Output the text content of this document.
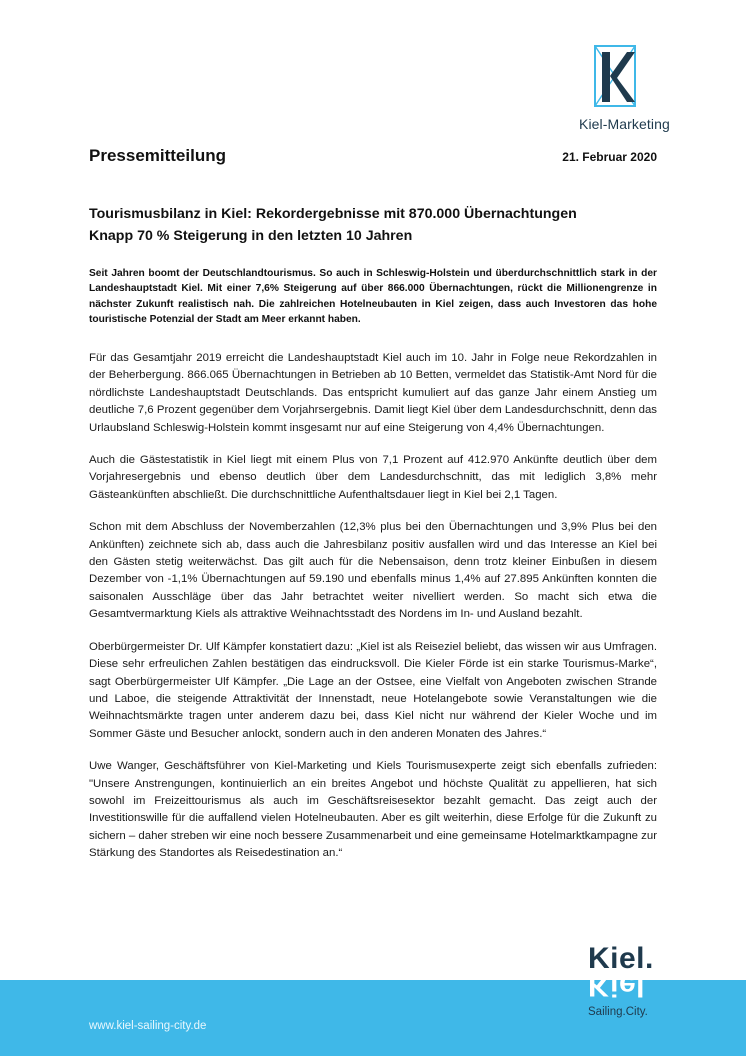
Kiel-Marketing
Pressemitteilung	21. Februar 2020
Tourismusbilanz in Kiel: Rekordergebnisse mit 870.000 Übernachtungen
Knapp 70 % Steigerung in den letzten 10 Jahren
Seit Jahren boomt der Deutschlandtourismus. So auch in Schleswig-Holstein und überdurchschnittlich stark in der Landeshauptstadt Kiel. Mit einer 7,6% Steigerung auf über 866.000 Übernachtungen, rückt die Millionengrenze in nächster Zukunft realistisch nah. Die zahlreichen Hotelneubauten in Kiel zeigen, dass auch Investoren das hohe touristische Potenzial der Stadt am Meer erkannt haben.

Für das Gesamtjahr 2019 erreicht die Landeshauptstadt Kiel auch im 10. Jahr in Folge neue Rekordzahlen in der Beherbergung. 866.065 Übernachtungen in Betrieben ab 10 Betten, vermeldet das Statistik-Amt Nord für die nördlichste Landeshauptstadt Deutschlands. Das entspricht kumuliert auf das ganze Jahr einem Anstieg um deutliche 7,6 Prozent gegenüber dem Vorjahrsergebnis. Damit liegt Kiel über dem Landesdurchschnitt, denn das Urlaubsland Schleswig-Holstein kommt insgesamt nur auf eine Steigerung von 4,4% Übernachtungen.

Auch die Gästestatistik in Kiel liegt mit einem Plus von 7,1 Prozent auf 412.970 Ankünfte deutlich über dem Vorjahresergebnis und ebenso deutlich über dem Landesdurchschnitt, das mit lediglich 3,8% mehr Gästeankünften abschließt. Die durchschnittliche Aufenthaltsdauer liegt in Kiel bei 2,1 Tagen.

Schon mit dem Abschluss der Novemberzahlen (12,3% plus bei den Übernachtungen und 3,9% Plus bei den Ankünften) zeichnete sich ab, dass auch die Jahresbilanz positiv ausfallen wird und das Interesse an Kiel bei den Gästen stetig weiterwächst. Das gilt auch für die Nebensaison, denn trotz kleiner Einbußen in diesem Dezember von -1,1% Übernachtungen auf 59.190 und ebenfalls minus 1,4% auf 27.895 Ankünften konnten die saisonalen Ausschläge über das Jahr betrachtet weiter nivelliert werden. So macht sich etwa die Gesamtvermarktung Kiels als attraktive Weihnachtsstadt des Nordens im In- und Ausland bezahlt.

Oberbürgermeister Dr. Ulf Kämpfer konstatiert dazu: „Kiel ist als Reiseziel beliebt, das wissen wir aus Umfragen. Diese sehr erfreulichen Zahlen bestätigen das eindrucksvoll. Die Kieler Förde ist ein starke Tourismus-Marke“, sagt Oberbürgermeister Ulf Kämpfer. „Die Lage an der Ostsee, eine Vielfalt von Angeboten zwischen Strande und Laboe, die steigende Attraktivität der Innenstadt, neue Hotelangebote sowie Veranstaltungen wie die Weihnachtsmärkte tragen unter anderem dazu bei, dass Kiel nicht nur während der Kieler Woche und im Sommer Gäste und Besucher anlockt, sondern auch in den anderen Monaten des Jahres.“

Uwe Wanger, Geschäftsführer von Kiel-Marketing und Kiels Tourismusexperte zeigt sich ebenfalls zufrieden: "Unsere Anstrengungen, kontinuierlich an ein breites Angebot und höchste Qualität zu appellieren, hat sich sowohl im Freizeittourismus als auch im Geschäftsreisesektor bezahlt gemacht. Das zeigt auch der Investitionswille für die auffallend vielen Hotelneubauten. Aber es gilt weiterhin, diese Erfolge für die Zukunft zu sichern – daher streben wir eine noch bessere Zusammenarbeit und eine gemeinsame Hotelmarktkampagne zur Stärkung des Standortes als Reisedestination an.“

www.kiel-sailing-city.de
Kiel.
Kiel
Sailing.City.
